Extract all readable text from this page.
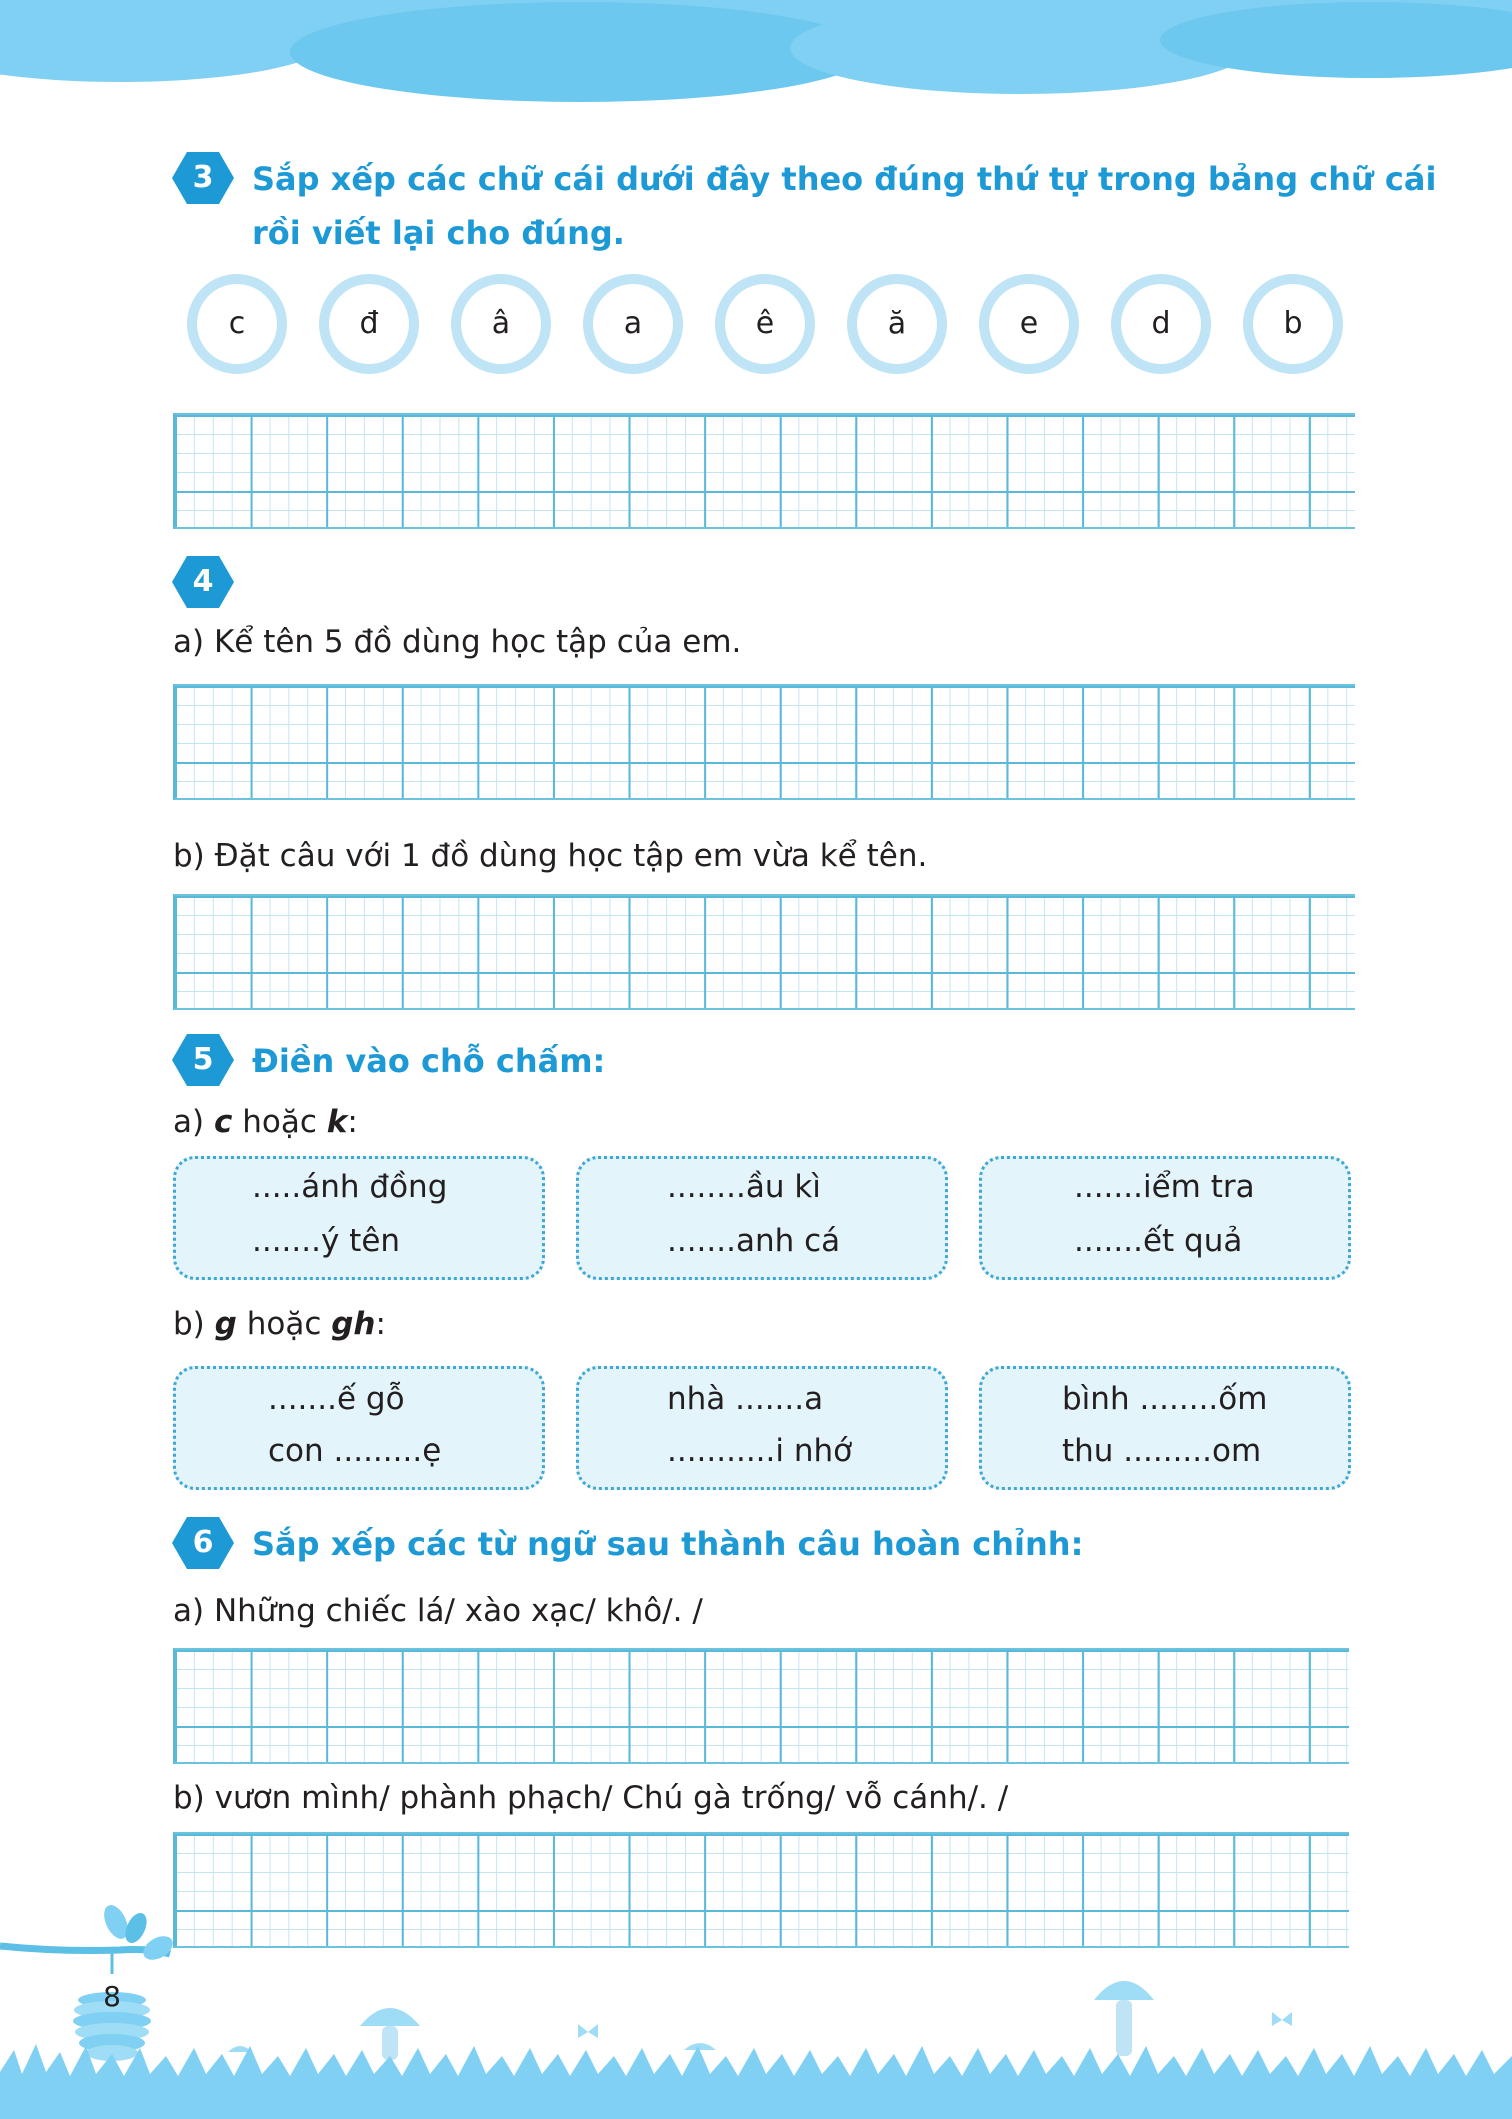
3	Sắp xếp các chữ cái dưới đây theo đúng thứ tự trong bảng chữ cái
rồi viết lại cho đúng.
c	đ	â	a	ê	ă	e	d	b
4
a) Kể tên 5 đồ dùng học tập của em.
b) Đặt câu với 1 đồ dùng học tập em vừa kể tên.
5	Điền vào chỗ chấm:
a) c hoặc k:
.....ánh đồng
.......ý tên
........ầu kì
.......anh cá
.......iểm tra
.......ết quả
b) g hoặc gh:
.......ế gỗ
con .........ẹ
nhà .......a
...........i nhớ
bình ........ốm
thu .........om
6	Sắp xếp các từ ngữ sau thành câu hoàn chỉnh:
a) Những chiếc lá/ xào xạc/ khô/. /
b) vươn mình/ phành phạch/ Chú gà trống/ vỗ cánh/. /
8
